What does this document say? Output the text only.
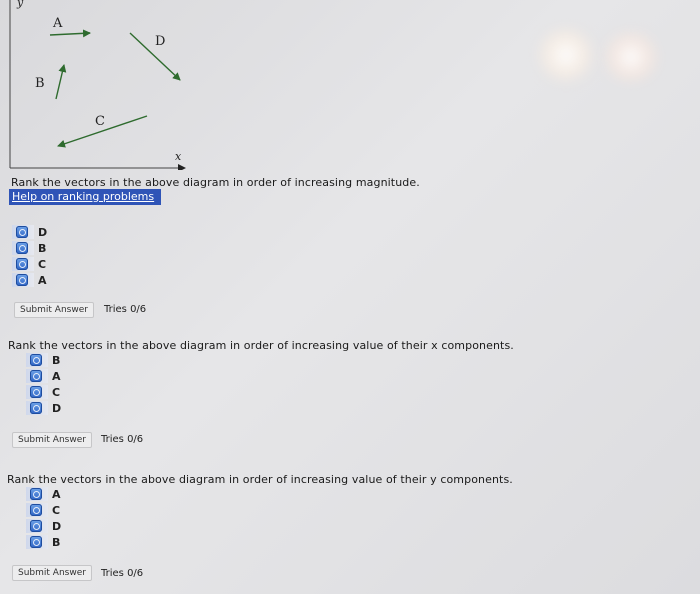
y
x
A
B
C
D
Rank the vectors in the above diagram in order of increasing magnitude.
Help on ranking problems
D
B
C
A
Submit Answer	Tries 0/6
Rank the vectors in the above diagram in order of increasing value of their x components.
B
A
C
D
Submit Answer	Tries 0/6
Rank the vectors in the above diagram in order of increasing value of their y components.
A
C
D
B
Submit Answer	Tries 0/6
